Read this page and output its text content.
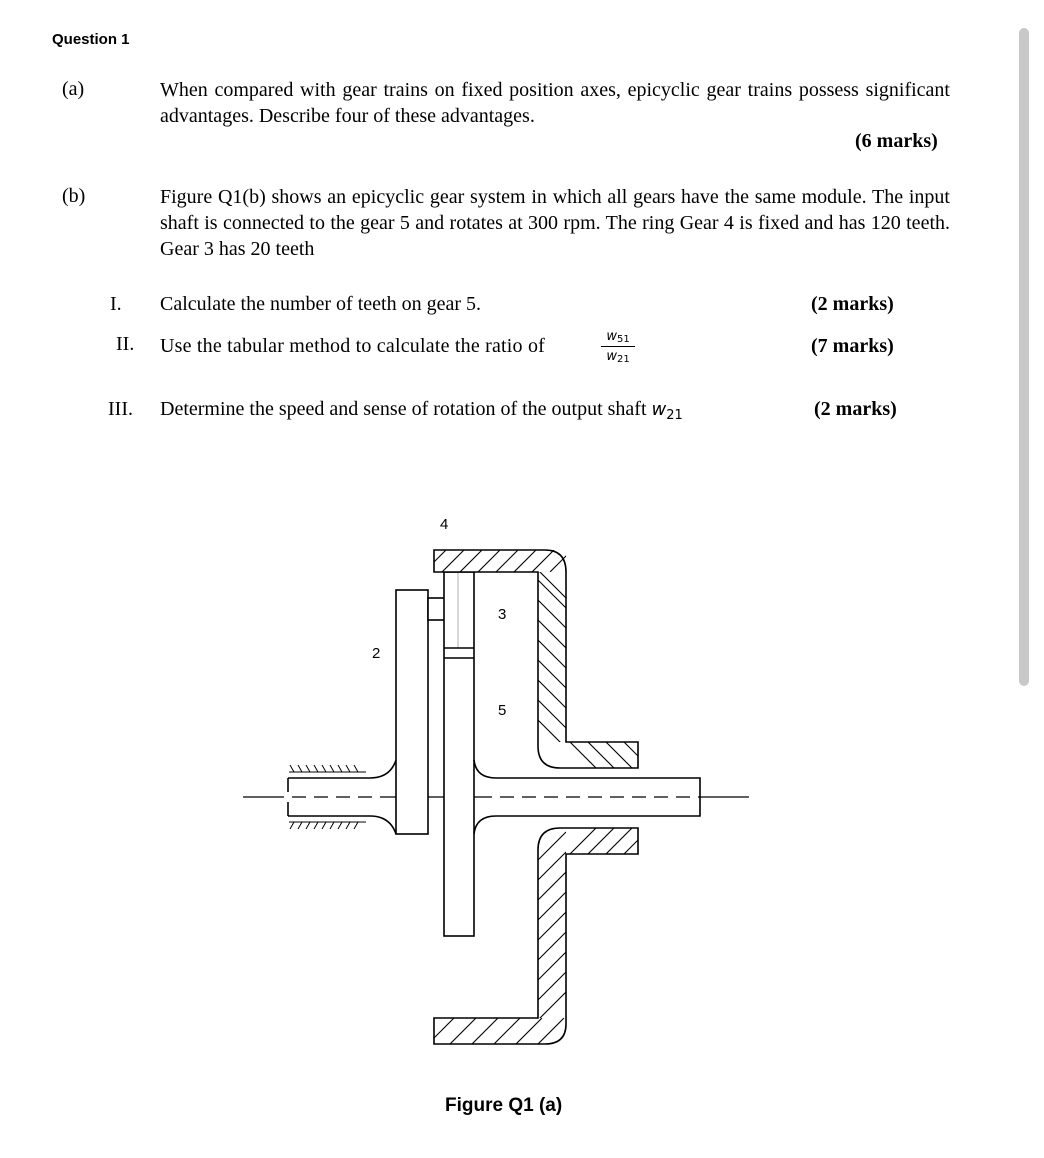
Question 1
(a)	When compared with gear trains on fixed position axes, epicyclic gear trains possess significant advantages. Describe four of these advantages.
(6 marks)
(b)	Figure Q1(b) shows an epicyclic gear system in which all gears have the same module. The input shaft is connected to the gear 5 and rotates at 300 rpm. The ring Gear 4 is fixed and has 120 teeth. Gear 3 has 20 teeth
I. Calculate the number of teeth on gear 5.	(2 marks)
II. Use the tabular method to calculate the ratio of	$\frac{w51}{w21}$	(7 marks)
III. Determine the speed and sense of rotation of the output shaft $w_{21}$	(2 marks)
4
3
2
5
Figure Q1 (a)
